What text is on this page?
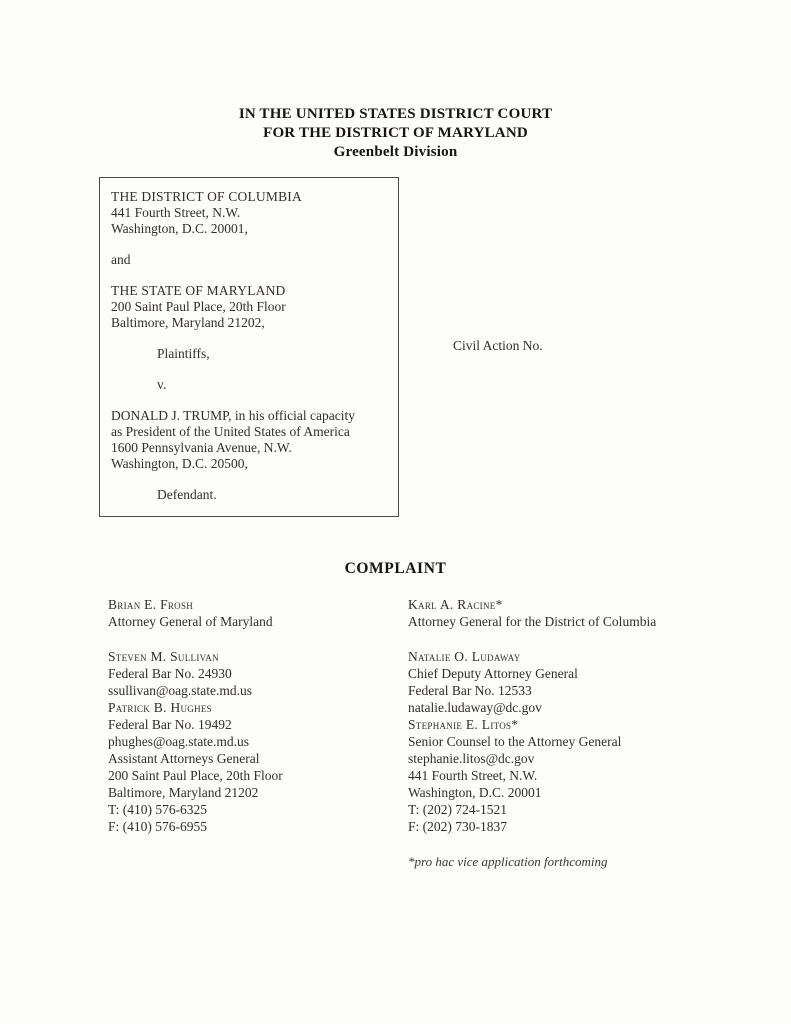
IN THE UNITED STATES DISTRICT COURT
FOR THE DISTRICT OF MARYLAND
Greenbelt Division
THE DISTRICT OF COLUMBIA
441 Fourth Street, N.W.
Washington, D.C. 20001,
and
THE STATE OF MARYLAND
200 Saint Paul Place, 20th Floor
Baltimore, Maryland 21202,
Plaintiffs,
v.
DONALD J. TRUMP, in his official capacity
as President of the United States of America
1600 Pennsylvania Avenue, N.W.
Washington, D.C. 20500,
Defendant.
Civil Action No.
COMPLAINT
Brian E. Frosh
Attorney General of Maryland
Steven M. Sullivan
Federal Bar No. 24930
ssullivan@oag.state.md.us
Patrick B. Hughes
Federal Bar No. 19492
phughes@oag.state.md.us
Assistant Attorneys General
200 Saint Paul Place, 20th Floor
Baltimore, Maryland 21202
T: (410) 576-6325
F: (410) 576-6955
Karl A. Racine*
Attorney General for the District of Columbia
Natalie O. Ludaway
Chief Deputy Attorney General
Federal Bar No. 12533
natalie.ludaway@dc.gov
Stephanie E. Litos*
Senior Counsel to the Attorney General
stephanie.litos@dc.gov
441 Fourth Street, N.W.
Washington, D.C. 20001
T: (202) 724-1521
F: (202) 730-1837
*pro hac vice application forthcoming
